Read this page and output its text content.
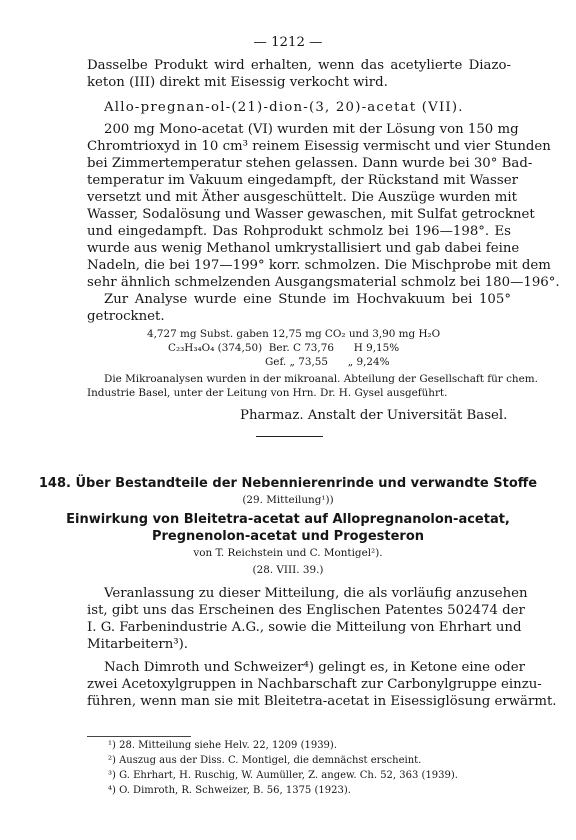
— 1212 —
Dasselbe Produkt wird erhalten, wenn das acetylierte Diazo-
keton (III) direkt mit Eisessig verkocht wird.
Allo-pregnan-ol-(21)-dion-(3, 20)-acetat (VII).
200 mg Mono-acetat (VI) wurden mit der Lösung von 150 mg
Chromtrioxyd in 10 cm³ reinem Eisessig vermischt und vier Stunden
bei Zimmertemperatur stehen gelassen. Dann wurde bei 30° Bad-
temperatur im Vakuum eingedampft, der Rückstand mit Wasser
versetzt und mit Äther ausgeschüttelt. Die Auszüge wurden mit
Wasser, Sodalösung und Wasser gewaschen, mit Sulfat getrocknet
und eingedampft. Das Rohprodukt schmolz bei 196—198°. Es
wurde aus wenig Methanol umkrystallisiert und gab dabei feine
Nadeln, die bei 197—199° korr. schmolzen. Die Mischprobe mit dem
sehr ähnlich schmelzenden Ausgangsmaterial schmolz bei 180—196°.
Zur Analyse wurde eine Stunde im Hochvakuum bei 105°
getrocknet.
4,727 mg Subst. gaben 12,75 mg CO₂ und 3,90 mg H₂O
C₂₃H₃₄O₄ (374,50)  Ber. C 73,76      H 9,15%
Gef. „ 73,55      „ 9,24%
Die Mikroanalysen wurden in der mikroanal. Abteilung der Gesellschaft für chem.
Industrie Basel, unter der Leitung von Hrn. Dr. H. Gysel ausgeführt.
Pharmaz. Anstalt der Universität Basel.
148. Über Bestandteile der Nebennierenrinde und verwandte Stoffe
(29. Mitteilung¹))
Einwirkung von Bleitetra-acetat auf Allopregnanolon-acetat,
Pregnenolon-acetat und Progesteron
von T. Reichstein und C. Montigel²).
(28. VIII. 39.)
Veranlassung zu dieser Mitteilung, die als vorläufig anzusehen
ist, gibt uns das Erscheinen des Englischen Patentes 502474 der
I. G. Farbenindustrie A.G., sowie die Mitteilung von Ehrhart und
Mitarbeitern³).
Nach Dimroth und Schweizer⁴) gelingt es, in Ketone eine oder
zwei Acetoxylgruppen in Nachbarschaft zur Carbonylgruppe einzu-
führen, wenn man sie mit Bleitetra-acetat in Eisessiglösung erwärmt.
¹) 28. Mitteilung siehe Helv. 22, 1209 (1939).
²) Auszug aus der Diss. C. Montigel, die demnächst erscheint.
³) G. Ehrhart, H. Ruschig, W. Aumüller, Z. angew. Ch. 52, 363 (1939).
⁴) O. Dimroth, R. Schweizer, B. 56, 1375 (1923).
